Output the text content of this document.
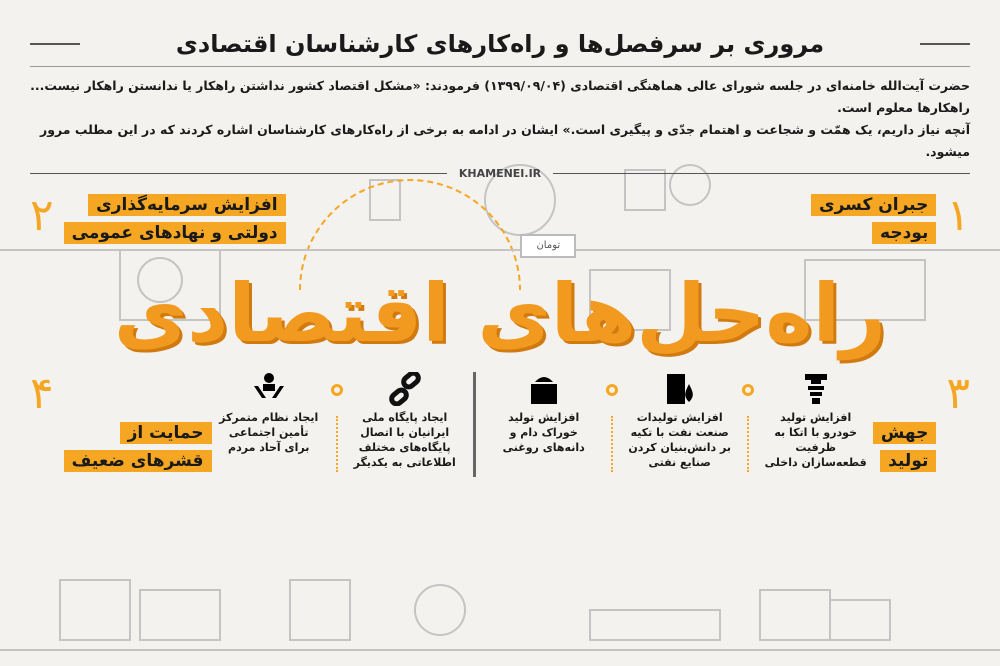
مروری بر سرفصل‌ها و راه‌کارهای کارشناسان اقتصادی
حضرت آیت‌الله خامنه‌ای در جلسه شورای عالی هماهنگی اقتصادی (۱۳۹۹/۰۹/۰۴) فرمودند: «مشکل اقتصاد کشور نداشتن راهکار یا ندانستن راهکار نیست... راهکارها معلوم است.
آنچه نیاز داریم، یک همّت و شجاعت و اهتمام جدّی و پیگیری است.» ایشان در ادامه به برخی از راه‌کارهای کارشناسان اشاره کردند که در این مطلب مرور میشود.
KHAMENEI.IR
۲	افزایش سرمایه‌گذاری
دولتی و نهادهای عمومی
تومان
جبران کسری
بودجه ۱
راه‌حل‌های اقتصادی
۴
حمایت از
قشرهای ضعیف
ایجاد نظام متمرکز تأمین اجتماعی برای آحاد مردم
ایجاد پایگاه ملی ایرانیان با اتصال پایگاه‌های مختلف اطلاعاتی به یکدیگر
افزایش تولید خوراک دام و دانه‌های روغنی
افزایش تولیدات صنعت نفت با تکیه بر دانش‌بنیان کردن صنایع نفتی
افزایش تولید خودرو با اتکا به ظرفیت قطعه‌سازان داخلی
جهش
تولید
۳
